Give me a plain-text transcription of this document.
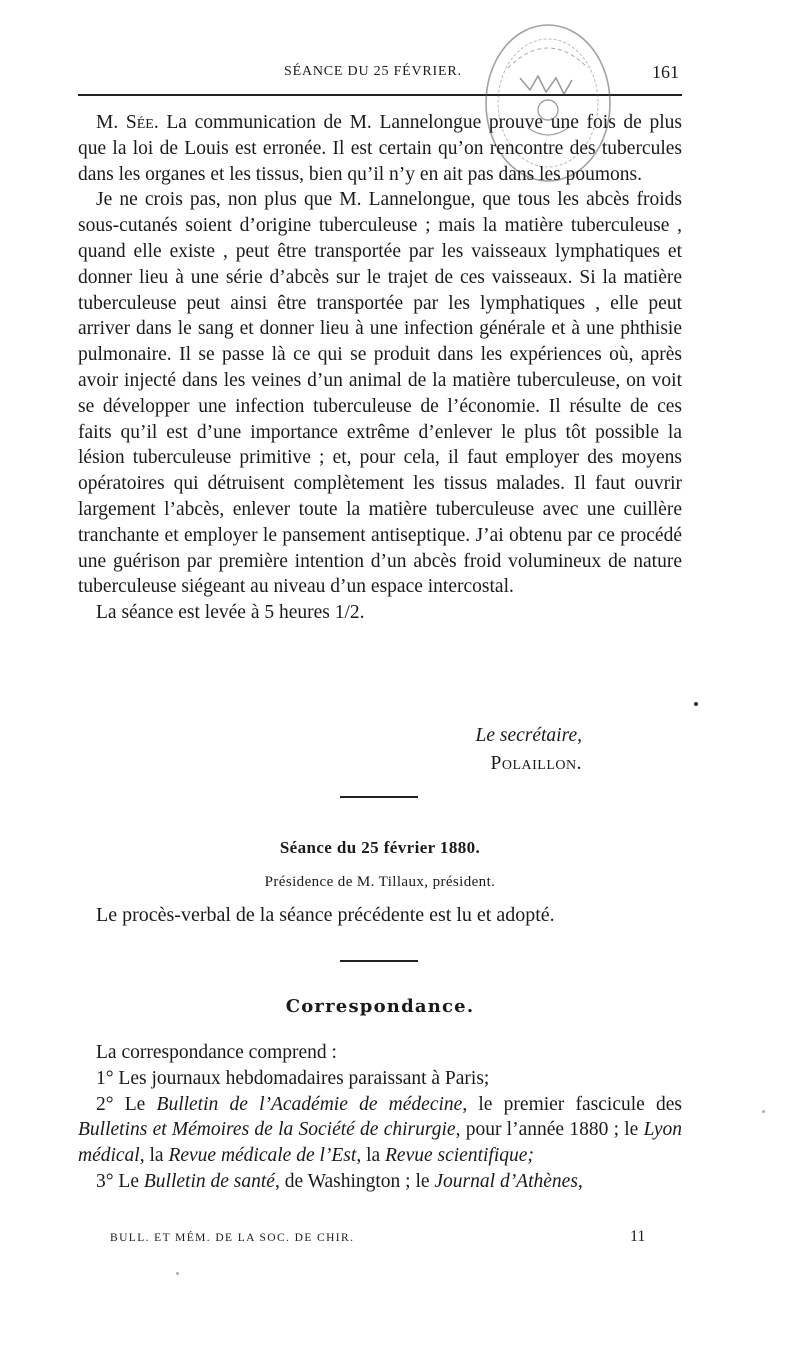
SÉANCE DU 25 FÉVRIER.	161

M. Sée. La communication de M. Lannelongue prouve une fois de plus que la loi de Louis est erronée. Il est certain qu’on rencontre des tubercules dans les organes et les tissus, bien qu’il n’y en ait pas dans les poumons.

Je ne crois pas, non plus que M. Lannelongue, que tous les abcès froids sous-cutanés soient d’origine tuberculeuse ; mais la matière tuberculeuse , quand elle existe , peut être transportée par les vaisseaux lymphatiques et donner lieu à une série d’abcès sur le trajet de ces vaisseaux. Si la matière tuberculeuse peut ainsi être transportée par les lymphatiques , elle peut arriver dans le sang et donner lieu à une infection générale et à une phthisie pulmonaire. Il se passe là ce qui se produit dans les expériences où, après avoir injecté dans les veines d’un animal de la matière tuberculeuse, on voit se développer une infection tuberculeuse de l’économie. Il résulte de ces faits qu’il est d’une importance extrême d’enlever le plus tôt possible la lésion tuberculeuse primitive ; et, pour cela, il faut employer des moyens opératoires qui détruisent complètement les tissus malades. Il faut ouvrir largement l’abcès, enlever toute la matière tuberculeuse avec une cuillère tranchante et employer le pansement antiseptique. J’ai obtenu par ce procédé une guérison par première intention d’un abcès froid volumineux de nature tuberculeuse siégeant au niveau d’un espace intercostal.

La séance est levée à 5 heures 1/2.

Le secrétaire,
Polaillon.
Séance du 25 février 1880.
Présidence de M. Tillaux, président.
Le procès-verbal de la séance précédente est lu et adopté.
Correspondance.

La correspondance comprend :

1° Les journaux hebdomadaires paraissant à Paris;

2° Le Bulletin de l’Académie de médecine, le premier fascicule des Bulletins et Mémoires de la Société de chirurgie, pour l’année 1880 ; le Lyon médical, la Revue médicale de l’Est, la Revue scientifique;

3° Le Bulletin de santé, de Washington ; le Journal d’Athènes,

BULL. ET MÉM. DE LA SOC. DE CHIR.	11
